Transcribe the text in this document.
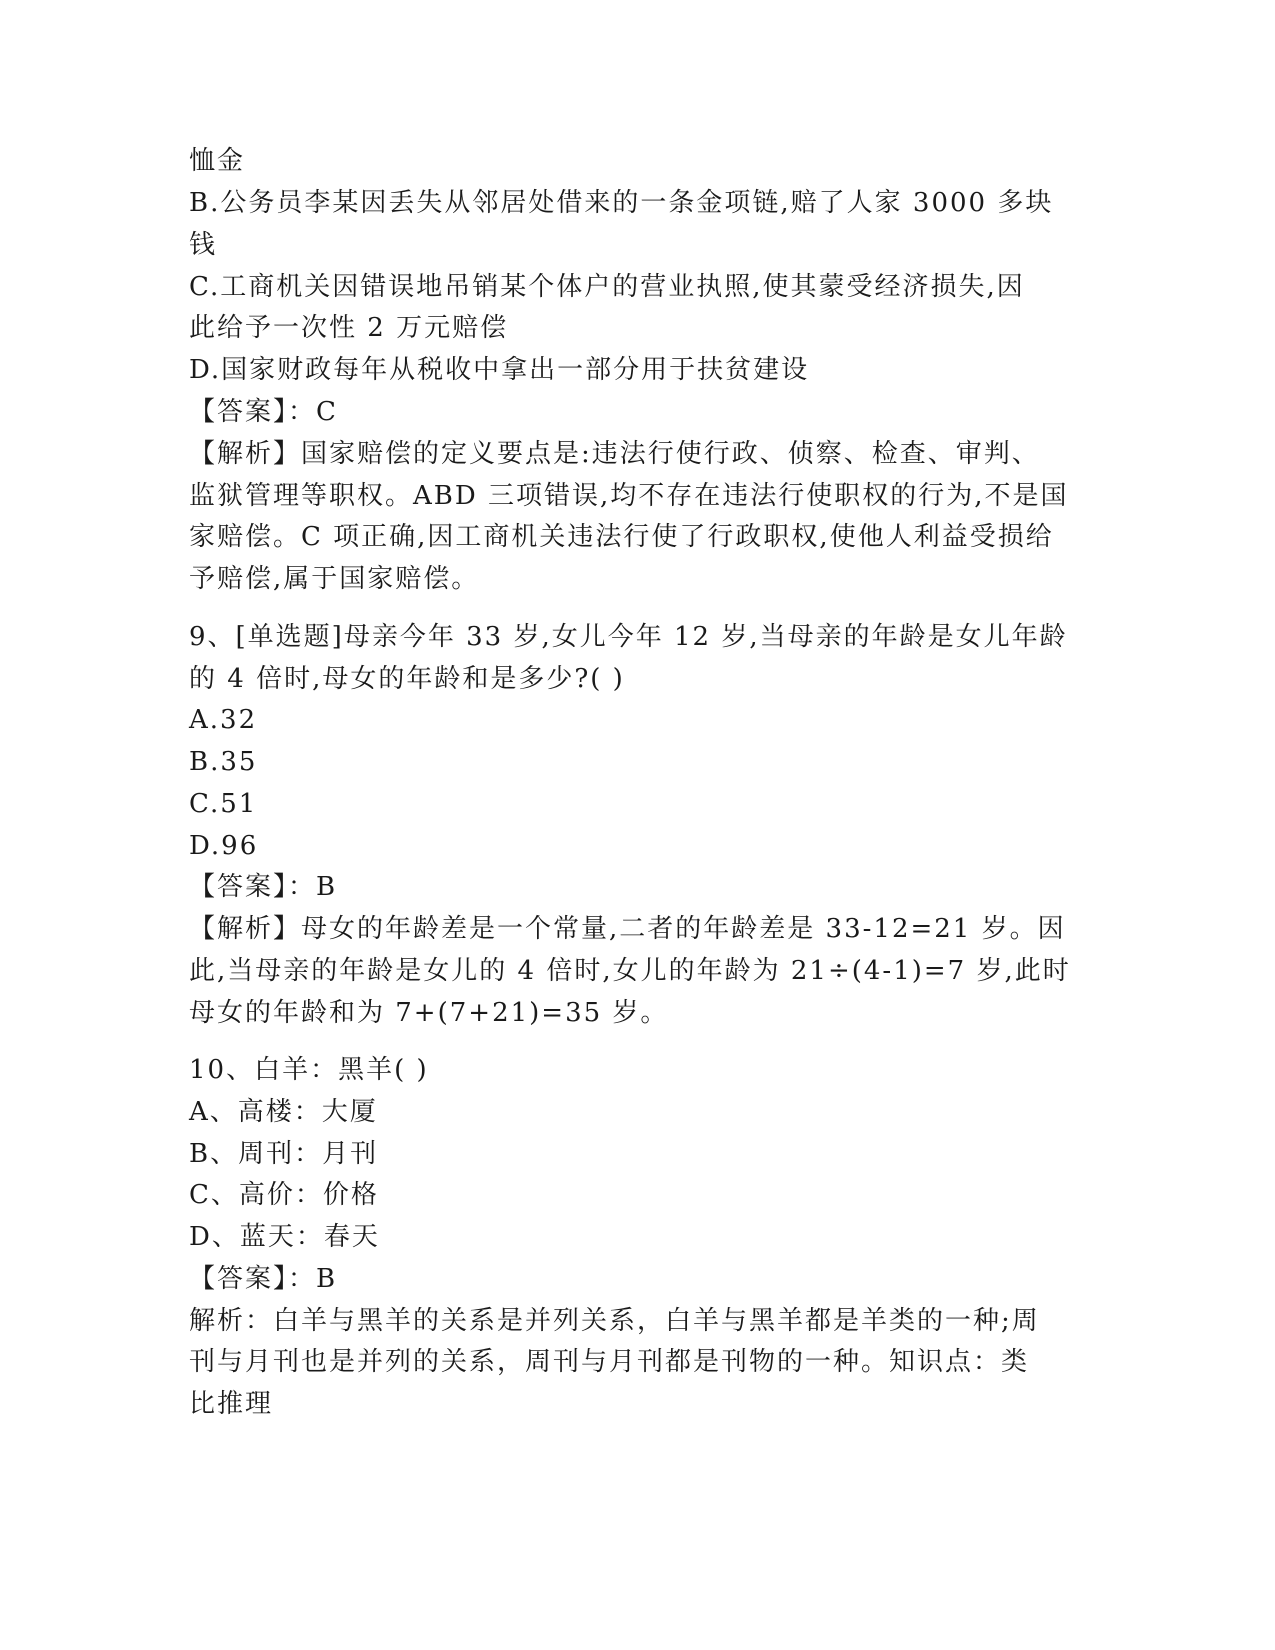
恤金
B.公务员李某因丢失从邻居处借来的一条金项链,赔了人家 3000 多块
钱
C.工商机关因错误地吊销某个体户的营业执照,使其蒙受经济损失,因
此给予一次性 2 万元赔偿
D.国家财政每年从税收中拿出一部分用于扶贫建设
【答案】：C
【解析】国家赔偿的定义要点是:违法行使行政、侦察、检查、审判、
监狱管理等职权。ABD 三项错误,均不存在违法行使职权的行为,不是国
家赔偿。C 项正确,因工商机关违法行使了行政职权,使他人利益受损给
予赔偿,属于国家赔偿。
9、[单选题]母亲今年 33 岁,女儿今年 12 岁,当母亲的年龄是女儿年龄
的 4 倍时,母女的年龄和是多少?( )
A.32
B.35
C.51
D.96
【答案】：B
【解析】母女的年龄差是一个常量,二者的年龄差是 33-12=21 岁。因
此,当母亲的年龄是女儿的 4 倍时,女儿的年龄为 21÷(4-1)=7 岁,此时
母女的年龄和为 7+(7+21)=35 岁。
10、白羊：黑羊( )
A、高楼：大厦
B、周刊：月刊
C、高价：价格
D、蓝天：春天
【答案】：B
解析：白羊与黑羊的关系是并列关系，白羊与黑羊都是羊类的一种;周
刊与月刊也是并列的关系，周刊与月刊都是刊物的一种。知识点：类
比推理
